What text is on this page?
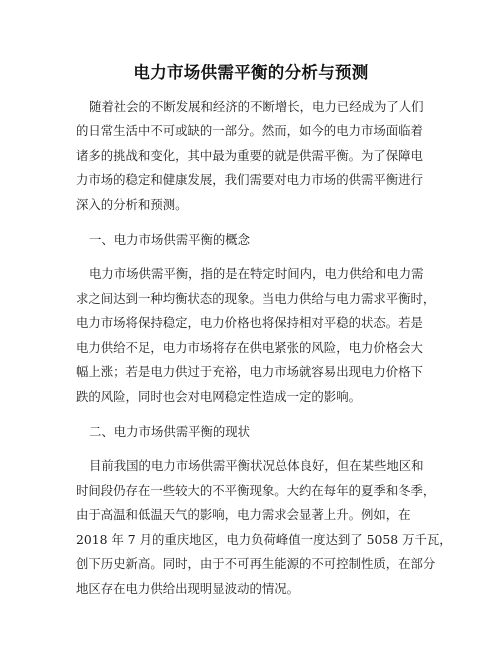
电力市场供需平衡的分析与预测
随着社会的不断发展和经济的不断增长，电力已经成为了人们
的日常生活中不可或缺的一部分。然而，如今的电力市场面临着
诸多的挑战和变化，其中最为重要的就是供需平衡。为了保障电
力市场的稳定和健康发展，我们需要对电力市场的供需平衡进行
深入的分析和预测。
一、电力市场供需平衡的概念
电力市场供需平衡，指的是在特定时间内，电力供给和电力需
求之间达到一种均衡状态的现象。当电力供给与电力需求平衡时，
电力市场将保持稳定，电力价格也将保持相对平稳的状态。若是
电力供给不足，电力市场将存在供电紧张的风险，电力价格会大
幅上涨；若是电力供过于充裕，电力市场就容易出现电力价格下
跌的风险，同时也会对电网稳定性造成一定的影响。
二、电力市场供需平衡的现状
目前我国的电力市场供需平衡状况总体良好，但在某些地区和
时间段仍存在一些较大的不平衡现象。大约在每年的夏季和冬季，
由于高温和低温天气的影响，电力需求会显著上升。例如，在
2018 年 7 月的重庆地区，电力负荷峰值一度达到了 5058 万千瓦，
创下历史新高。同时，由于不可再生能源的不可控制性质，在部分
地区存在电力供给出现明显波动的情况。
